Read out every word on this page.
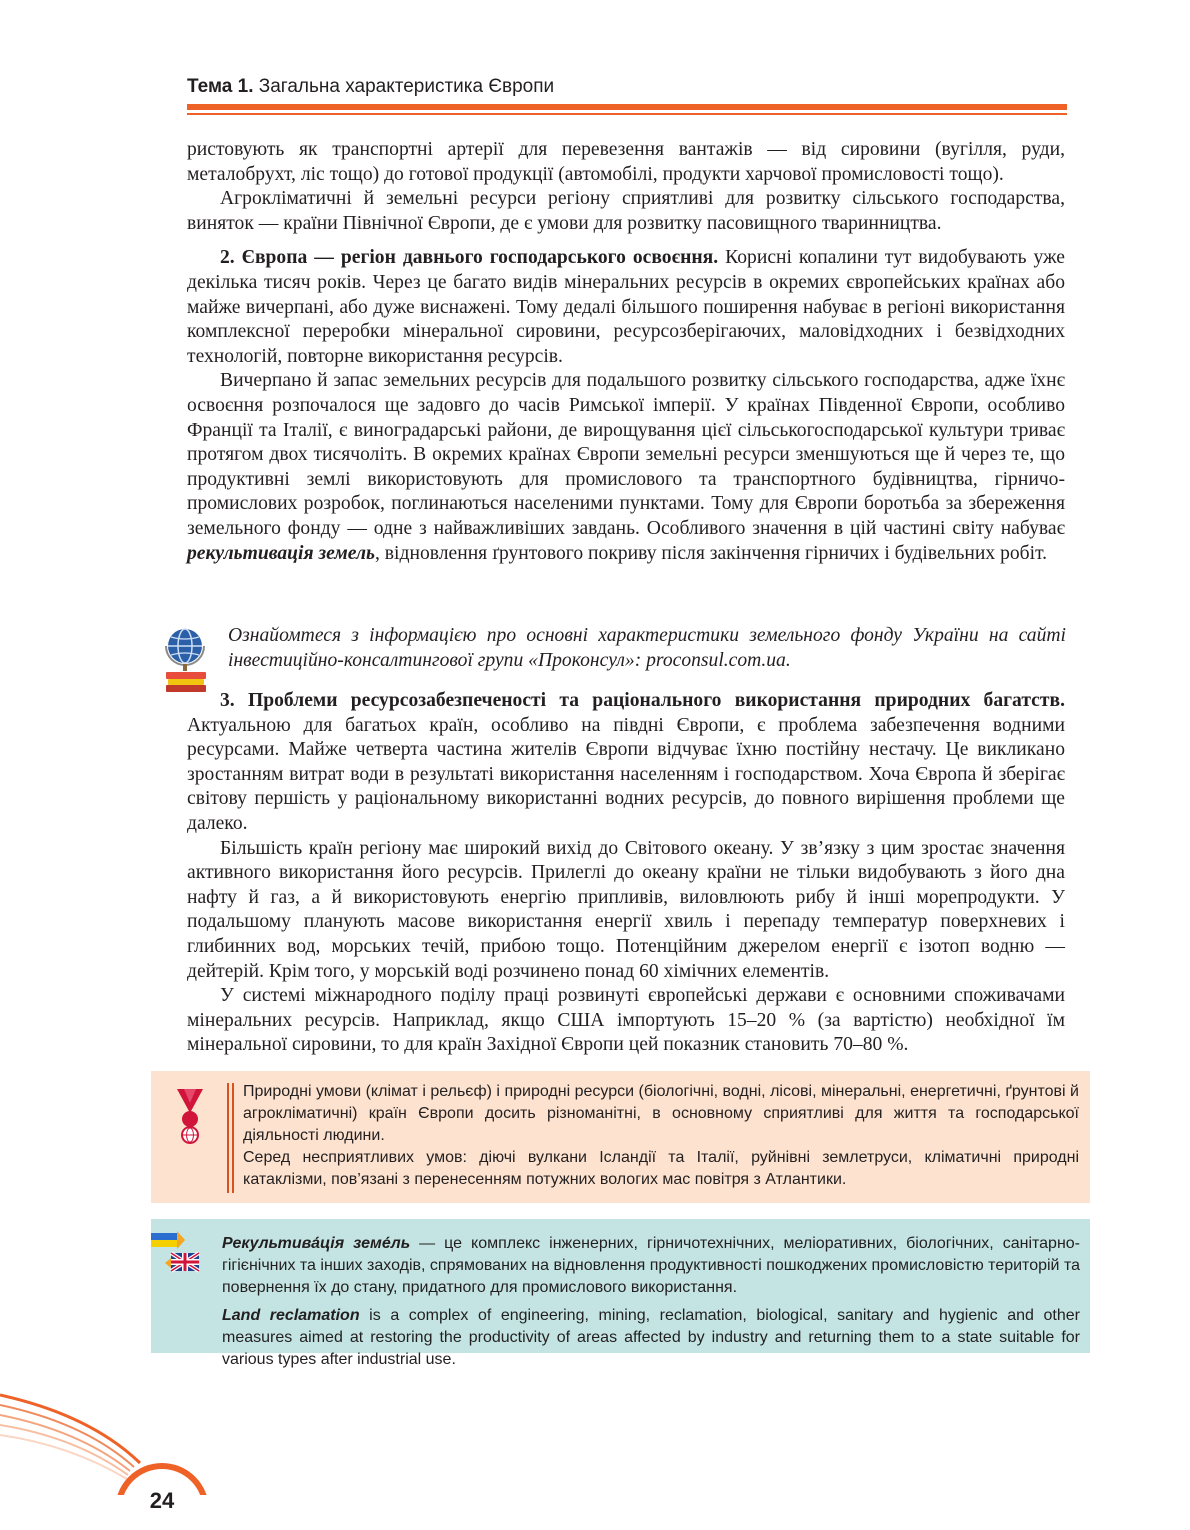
Тема 1. Загальна характеристика Європи

ристовують як транспортні артерії для перевезення вантажів — від сировини (вугілля, руди, металобрухт, ліс тощо) до готової продукції (автомобілі, продукти харчової промисловості тощо).

Агрокліматичні й земельні ресурси регіону сприятливі для розвитку сільського господарства, виняток — країни Північної Європи, де є умови для розвитку пасовищного тваринництва.

2. Європа — регіон давнього господарського освоєння. Корисні копалини тут видобувають уже декілька тисяч років. Через це багато видів мінеральних ресурсів в окремих європейських країнах або майже вичерпані, або дуже виснажені. Тому дедалі більшого поширення набуває в регіоні використання комплексної переробки мінеральної сировини, ресурсозберігаючих, маловідходних і безвідходних технологій, повторне використання ресурсів.

Вичерпано й запас земельних ресурсів для подальшого розвитку сільського господарства, адже їхнє освоєння розпочалося ще задовго до часів Римської імперії. У країнах Південної Європи, особливо Франції та Італії, є виноградарські райони, де вирощування цієї сільськогосподарської культури триває протягом двох тисячоліть. В окремих країнах Європи земельні ресурси зменшуються ще й через те, що продуктивні землі використовують для промислового та транспортного будівництва, гірничо-промислових розробок, поглинаються населеними пунктами. Тому для Європи боротьба за збереження земельного фонду — одне з найважливіших завдань. Особливого значення в цій частині світу набуває рекультивація земель, відновлення ґрунтового покриву після закінчення гірничих і будівельних робіт.

Ознайомтеся з інформацією про основні характеристики земельного фонду України на сайті інвестиційно-консалтингової групи «Проконсул»: proconsul.com.ua.

3. Проблеми ресурсозабезпеченості та раціонального використання природних багатств. Актуальною для багатьох країн, особливо на півдні Європи, є проблема забезпечення водними ресурсами. Майже четверта частина жителів Європи відчуває їхню постійну нестачу. Це викликано зростанням витрат води в результаті використання населенням і господарством. Хоча Європа й зберігає світову першість у раціональному використанні водних ресурсів, до повного вирішення проблеми ще далеко.

Більшість країн регіону має широкий вихід до Світового океану. У зв’язку з цим зростає значення активного використання його ресурсів. Прилеглі до океану країни не тільки видобувають з його дна нафту й газ, а й використовують енергію припливів, виловлюють рибу й інші морепродукти. У подальшому планують масове використання енергії хвиль і перепаду температур поверхневих і глибинних вод, морських течій, прибою тощо. Потенційним джерелом енергії є ізотоп водню — дейтерій. Крім того, у морській воді розчинено понад 60 хімічних елементів.

У системі міжнародного поділу праці розвинуті європейські держави є основними споживачами мінеральних ресурсів. Наприклад, якщо США імпортують 15–20 % (за вартістю) необхідної їм мінеральної сировини, то для країн Західної Європи цей показник становить 70–80 %.

Природні умови (клімат і рельєф) і природні ресурси (біологічні, водні, лісові, мінеральні, енергетичні, ґрунтові й агрокліматичні) країн Європи досить різноманітні, в основному сприятливі для життя та господарської діяльності людини.

Серед несприятливих умов: діючі вулкани Ісландії та Італії, руйнівні землетруси, кліматичні природні катаклізми, пов’язані з перенесенням потужних вологих мас повітря з Атлантики.

Рекультива́ція земе́ль — це комплекс інженерних, гірничотехнічних, меліоративних, біологічних, санітарно-гігієнічних та інших заходів, спрямованих на відновлення продуктивності пошкоджених промисловістю територій та повернення їх до стану, придатного для промислового використання.

Land reclamation is a complex of engineering, mining, reclamation, biological, sanitary and hygienic and other measures aimed at restoring the productivity of areas affected by industry and returning them to a state suitable for various types after industrial use.

24
